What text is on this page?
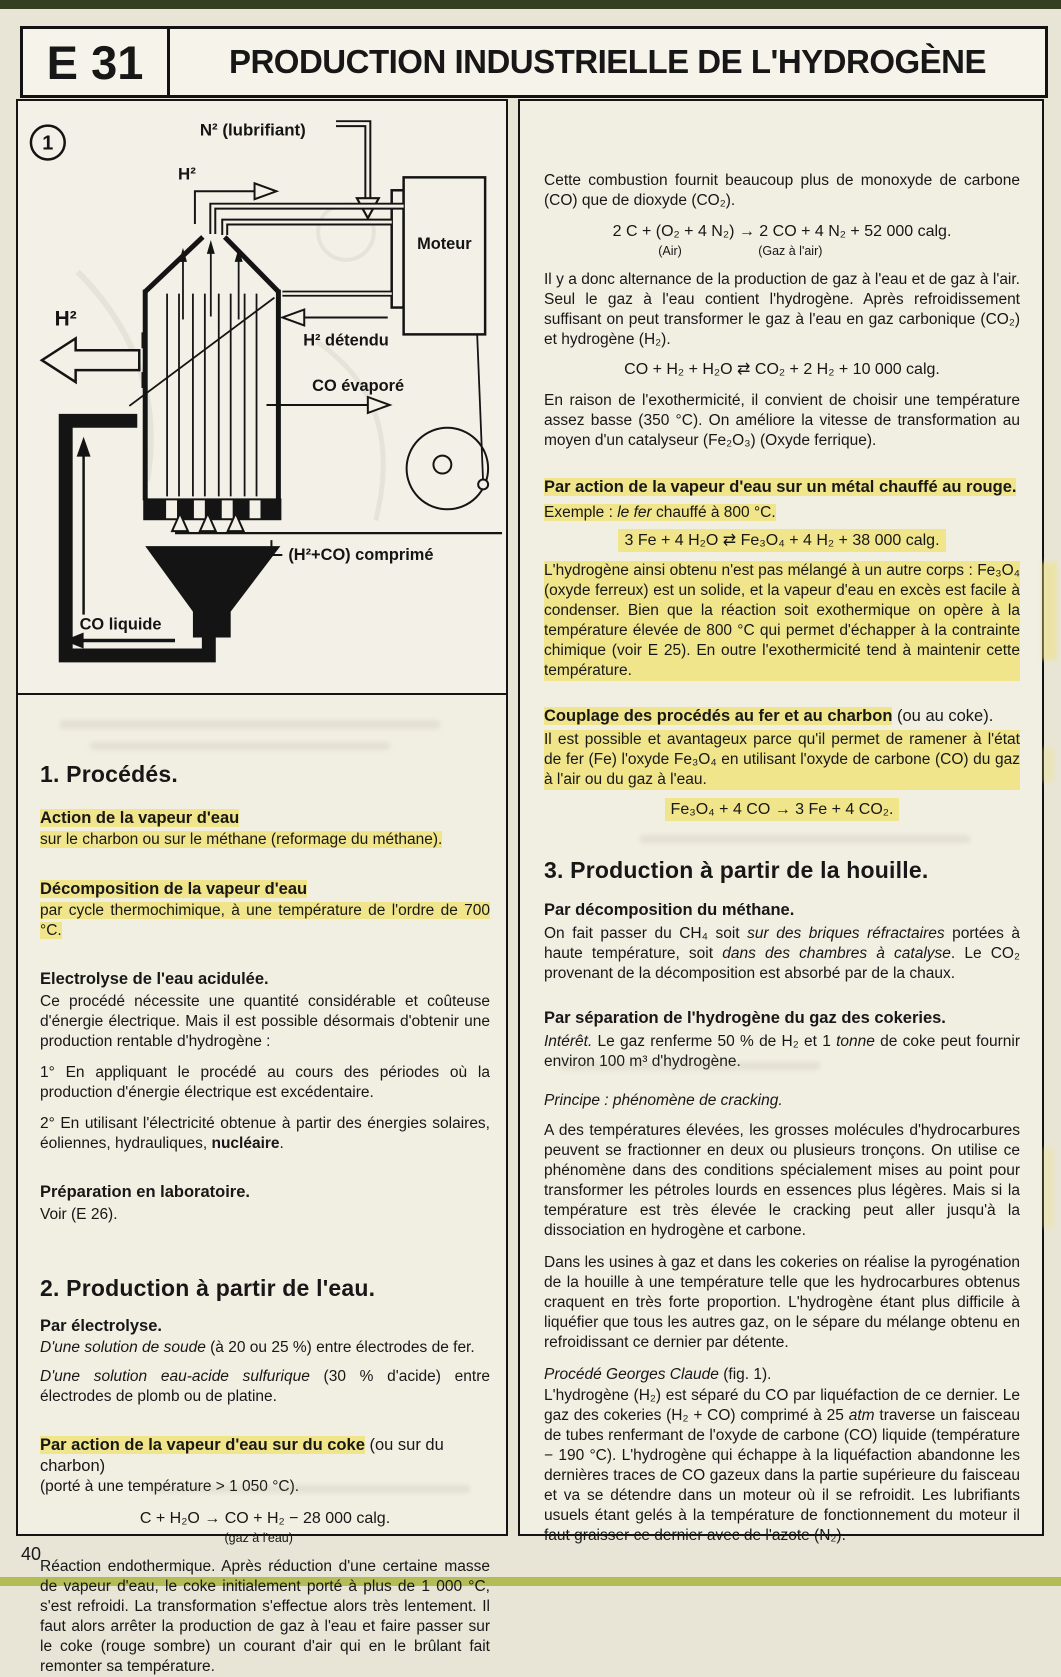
E 31	PRODUCTION INDUSTRIELLE DE L'HYDROGÈNE
1
N² (lubrifiant)
Moteur
H²
H²
H² détendu
CO évaporé
(H²+CO) comprimé
CO liquide
1. Procédés.
Action de la vapeur d'eau
sur le charbon ou sur le méthane (reformage du méthane).
Décomposition de la vapeur d'eau
par cycle thermochimique, à une température de l'ordre de 700 °C.
Electrolyse de l'eau acidulée.
Ce procédé nécessite une quantité considérable et coûteuse d'énergie électrique. Mais il est possible désormais d'obtenir une production rentable d'hydrogène :
1° En appliquant le procédé au cours des périodes où la production d'énergie électrique est excédentaire.
2° En utilisant l'électricité obtenue à partir des énergies solaires, éoliennes, hydrauliques, nucléaire.
Préparation en laboratoire.
Voir (E 26).
2. Production à partir de l'eau.
Par électrolyse.
D'une solution de soude (à 20 ou 25 %) entre électrodes de fer.
D'une solution eau-acide sulfurique (30 % d'acide) entre électrodes de plomb ou de platine.
Par action de la vapeur d'eau sur du coke (ou sur du charbon)
(porté à une température > 1 050 °C).
C + H₂O → CO + H₂ − 28 000 calg.
(gaz à l'eau)
Réaction endothermique. Après réduction d'une certaine masse de vapeur d'eau, le coke initialement porté à plus de 1 000 °C, s'est refroidi. La transformation s'effectue alors très lentement. Il faut alors arrêter la production de gaz à l'eau et faire passer sur le coke (rouge sombre) un courant d'air qui en le brûlant fait remonter sa température.
Cette combustion fournit beaucoup plus de monoxyde de carbone (CO) que de dioxyde (CO₂).
2 C + (O₂ + 4 N₂) → 2 CO + 4 N₂ + 52 000 calg.
(Air)	(Gaz à l'air)
Il y a donc alternance de la production de gaz à l'eau et de gaz à l'air. Seul le gaz à l'eau contient l'hydrogène. Après refroidissement suffisant on peut transformer le gaz à l'eau en gaz carbonique (CO₂) et hydrogène (H₂).
CO + H₂ + H₂O ⇄ CO₂ + 2 H₂ + 10 000 calg.
En raison de l'exothermicité, il convient de choisir une température assez basse (350 °C). On améliore la vitesse de transformation au moyen d'un catalyseur (Fe₂O₃) (Oxyde ferrique).
Par action de la vapeur d'eau sur un métal chauffé au rouge.
Exemple : le fer chauffé à 800 °C.
3 Fe + 4 H₂O ⇄ Fe₃O₄ + 4 H₂ + 38 000 calg.
L'hydrogène ainsi obtenu n'est pas mélangé à un autre corps : Fe₃O₄ (oxyde ferreux) est un solide, et la vapeur d'eau en excès est facile à condenser. Bien que la réaction soit exothermique on opère à la température élevée de 800 °C qui permet d'échapper à la contrainte chimique (voir E 25). En outre l'exothermicité tend à maintenir cette température.
Couplage des procédés au fer et au charbon (ou au coke).
Il est possible et avantageux parce qu'il permet de ramener à l'état de fer (Fe) l'oxyde Fe₃O₄ en utilisant l'oxyde de carbone (CO) du gaz à l'air ou du gaz à l'eau.
Fe₃O₄ + 4 CO → 3 Fe + 4 CO₂.
3. Production à partir de la houille.
Par décomposition du méthane.
On fait passer du CH₄ soit sur des briques réfractaires portées à haute température, soit dans des chambres à catalyse. Le CO₂ provenant de la décomposition est absorbé par de la chaux.
Par séparation de l'hydrogène du gaz des cokeries.
Intérêt. Le gaz renferme 50 % de H₂ et 1 tonne de coke peut fournir environ 100 m³ d'hydrogène.
Principe : phénomène de cracking.
A des températures élevées, les grosses molécules d'hydrocarbures peuvent se fractionner en deux ou plusieurs tronçons. On utilise ce phénomène dans des conditions spécialement mises au point pour transformer les pétroles lourds en essences plus légères. Mais si la température est très élevée le cracking peut aller jusqu'à la dissociation en hydrogène et carbone.
Dans les usines à gaz et dans les cokeries on réalise la pyrogénation de la houille à une température telle que les hydrocarbures obtenus craquent en très forte proportion. L'hydrogène étant plus difficile à liquéfier que tous les autres gaz, on le sépare du mélange obtenu en refroidissant ce dernier par détente.
Procédé Georges Claude (fig. 1).
L'hydrogène (H₂) est séparé du CO par liquéfaction de ce dernier. Le gaz des cokeries (H₂ + CO) comprimé à 25 atm traverse un faisceau de tubes renfermant de l'oxyde de carbone (CO) liquide (température − 190 °C). L'hydrogène qui échappe à la liquéfaction abandonne les dernières traces de CO gazeux dans la partie supérieure du faisceau et va se détendre dans un moteur où il se refroidit. Les lubrifiants usuels étant gelés à la température de fonctionnement du moteur il faut graisser ce dernier avec de l'azote (N₂).
40
